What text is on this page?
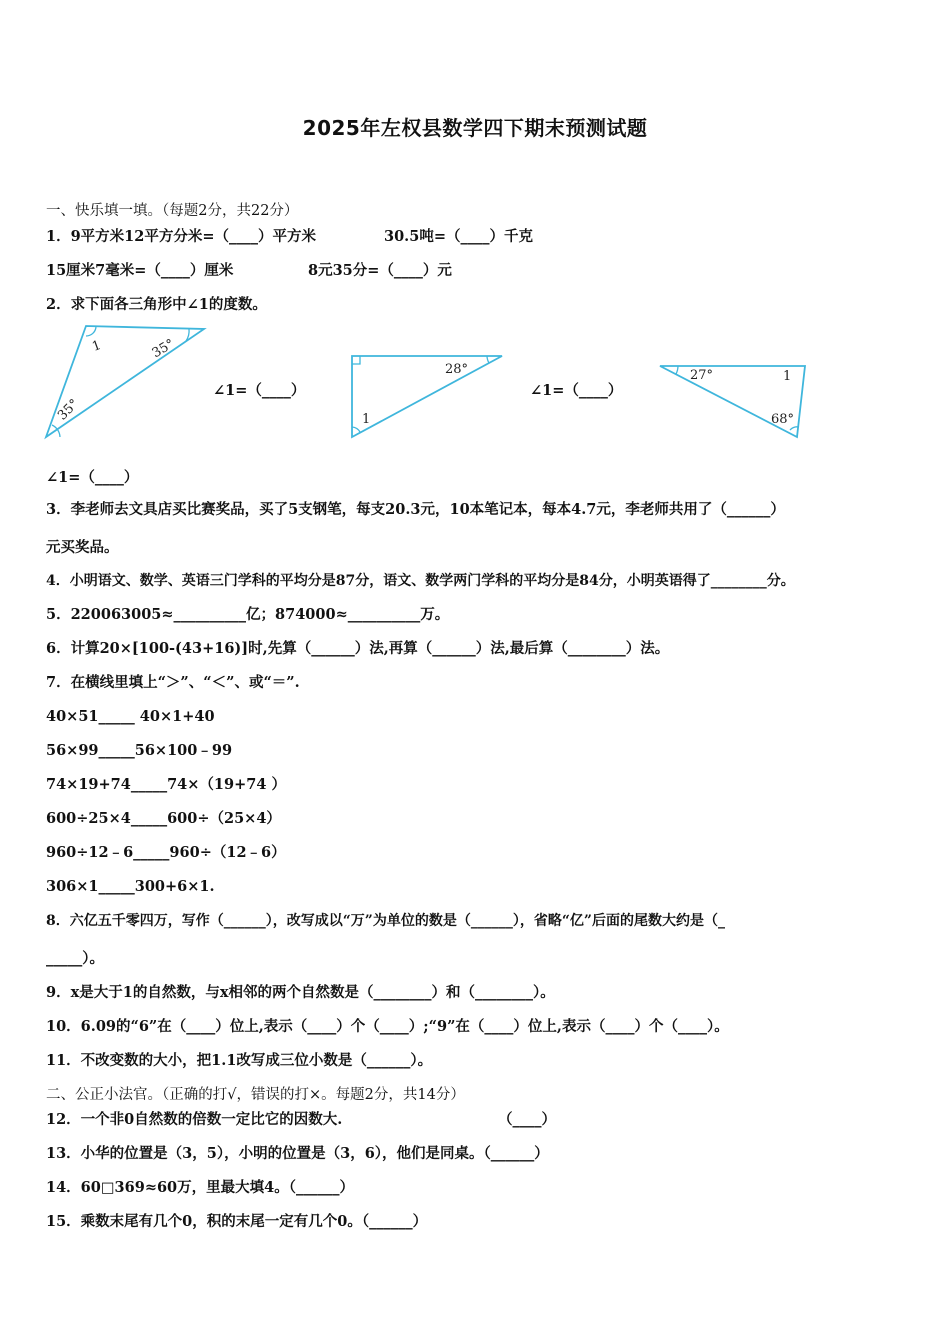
2025年左权县数学四下期末预测试题
一、快乐填一填。（每题2分，共22分）
1．9平方米12平方分米=（____）平方米	30.5吨=（____）千克
15厘米7毫米=（____）厘米	8元35分=（____）元
2．求下面各三角形中∠1的度数。
1	35°
35°
28°
1
27°	1
68°
∠1=（____）	∠1=（____）
∠1=（____）
3．李老师去文具店买比赛奖品，买了5支钢笔，每支20.3元，10本笔记本，每本4.7元，李老师共用了（______）
元买奖品。
4．小明语文、数学、英语三门学科的平均分是87分，语文、数学两门学科的平均分是84分，小明英语得了________分。
5．220063005≈__________亿；874000≈__________万。
6．计算20×[100-(43+16)]时,先算（______）法,再算（______）法,最后算（________）法。
7．在横线里填上“＞”、“＜”、或“＝”.
40×51_____ 40×1+40
56×99_____56×100﹣99
74×19+74_____74×（19+74 ）
600÷25×4_____600÷（25×4）
960÷12﹣6_____960÷（12﹣6）
306×1_____300+6×1.
8．六亿五千零四万，写作（______），改写成以“万”为单位的数是（______），省略“亿”后面的尾数大约是（_
_____）。
9．x是大于1的自然数，与x相邻的两个自然数是（________）和（________）。
10．6.09的“6”在（____）位上,表示（____）个（____）;“9”在（____）位上,表示（____）个（____）。
11．不改变数的大小，把1.1改写成三位小数是（______）。
二、公正小法官。（正确的打√，错误的打×。每题2分，共14分）
12．一个非0自然数的倍数一定比它的因数大.	（____）
13．小华的位置是（3，5），小明的位置是（3，6），他们是同桌。（______）
14．60□369≈60万，里最大填4。（______）
15．乘数末尾有几个0，积的末尾一定有几个0。（______）
